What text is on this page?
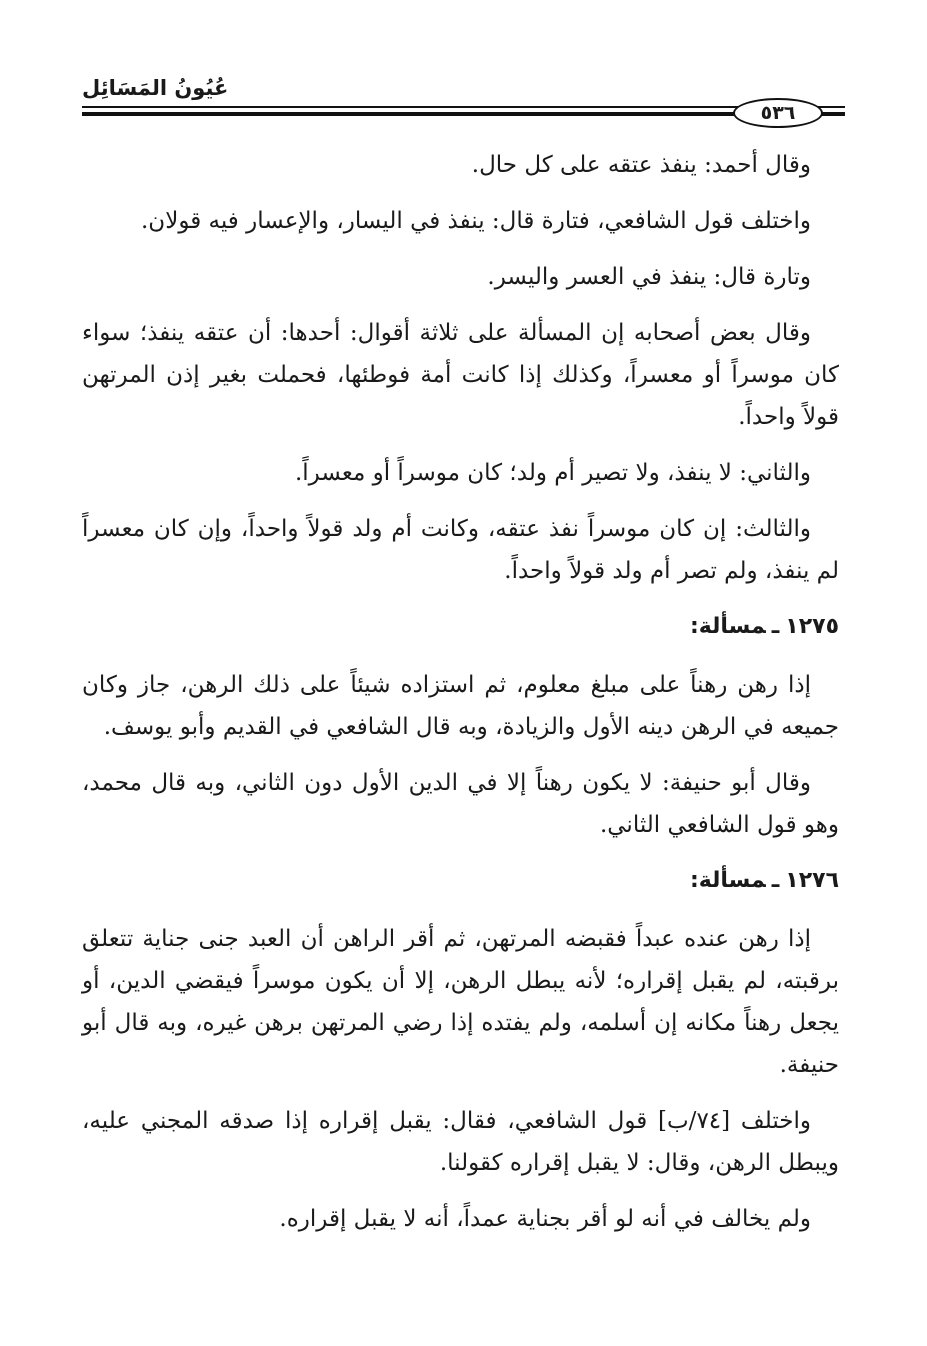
عُيُونُ المَسَائِل
٥٣٦

وقال أحمد: ينفذ عتقه على كل حال.

واختلف قول الشافعي، فتارة قال: ينفذ في اليسار، والإعسار فيه قولان.

وتارة قال: ينفذ في العسر واليسر.

وقال بعض أصحابه إن المسألة على ثلاثة أقوال: أحدها: أن عتقه ينفذ؛ سواء كان موسراً أو معسراً، وكذلك إذا كانت أمة فوطئها، فحملت بغير إذن المرتهن قولاً واحداً.

والثاني: لا ينفذ، ولا تصير أم ولد؛ كان موسراً أو معسراً.

والثالث: إن كان موسراً نفذ عتقه، وكانت أم ولد قولاً واحداً، وإن كان معسراً لم ينفذ، ولم تصر أم ولد قولاً واحداً.

١٢٧٥ـمسألة:

إذا رهن رهناً على مبلغ معلوم، ثم استزاده شيئاً على ذلك الرهن، جاز وكان جميعه في الرهن دينه الأول والزيادة، وبه قال الشافعي في القديم وأبو يوسف.

وقال أبو حنيفة: لا يكون رهناً إلا في الدين الأول دون الثاني، وبه قال محمد، وهو قول الشافعي الثاني.

١٢٧٦ـمسألة:

إذا رهن عنده عبداً فقبضه المرتهن، ثم أقر الراهن أن العبد جنى جناية تتعلق برقبته، لم يقبل إقراره؛ لأنه يبطل الرهن، إلا أن يكون موسراً فيقضي الدين، أو يجعل رهناً مكانه إن أسلمه، ولم يفتده إذا رضي المرتهن برهن غيره، وبه قال أبو حنيفة.

واختلف [٧٤/ب] قول الشافعي، فقال: يقبل إقراره إذا صدقه المجني عليه، ويبطل الرهن، وقال: لا يقبل إقراره كقولنا.

ولم يخالف في أنه لو أقر بجناية عمداً، أنه لا يقبل إقراره.
